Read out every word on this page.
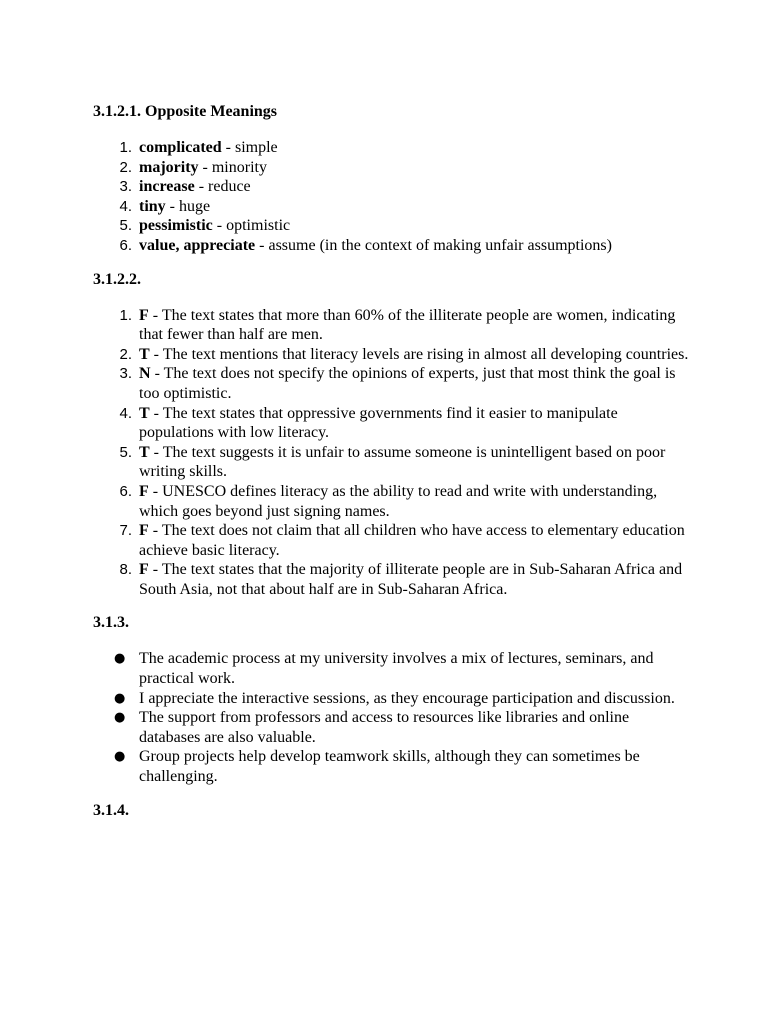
3.1.2.1. Opposite Meanings

1. complicated - simple
2. majority - minority
3. increase - reduce
4. tiny - huge
5. pessimistic - optimistic
6. value, appreciate - assume (in the context of making unfair assumptions)

3.1.2.2.

1. F - The text states that more than 60% of the illiterate people are women, indicating that fewer than half are men.
2. T - The text mentions that literacy levels are rising in almost all developing countries.
3. N - The text does not specify the opinions of experts, just that most think the goal is too optimistic.
4. T - The text states that oppressive governments find it easier to manipulate populations with low literacy.
5. T - The text suggests it is unfair to assume someone is unintelligent based on poor writing skills.
6. F - UNESCO defines literacy as the ability to read and write with understanding, which goes beyond just signing names.
7. F - The text does not claim that all children who have access to elementary education achieve basic literacy.
8. F - The text states that the majority of illiterate people are in Sub-Saharan Africa and South Asia, not that about half are in Sub-Saharan Africa.

3.1.3.

● The academic process at my university involves a mix of lectures, seminars, and practical work.
● I appreciate the interactive sessions, as they encourage participation and discussion.
● The support from professors and access to resources like libraries and online databases are also valuable.
● Group projects help develop teamwork skills, although they can sometimes be challenging.

3.1.4.
